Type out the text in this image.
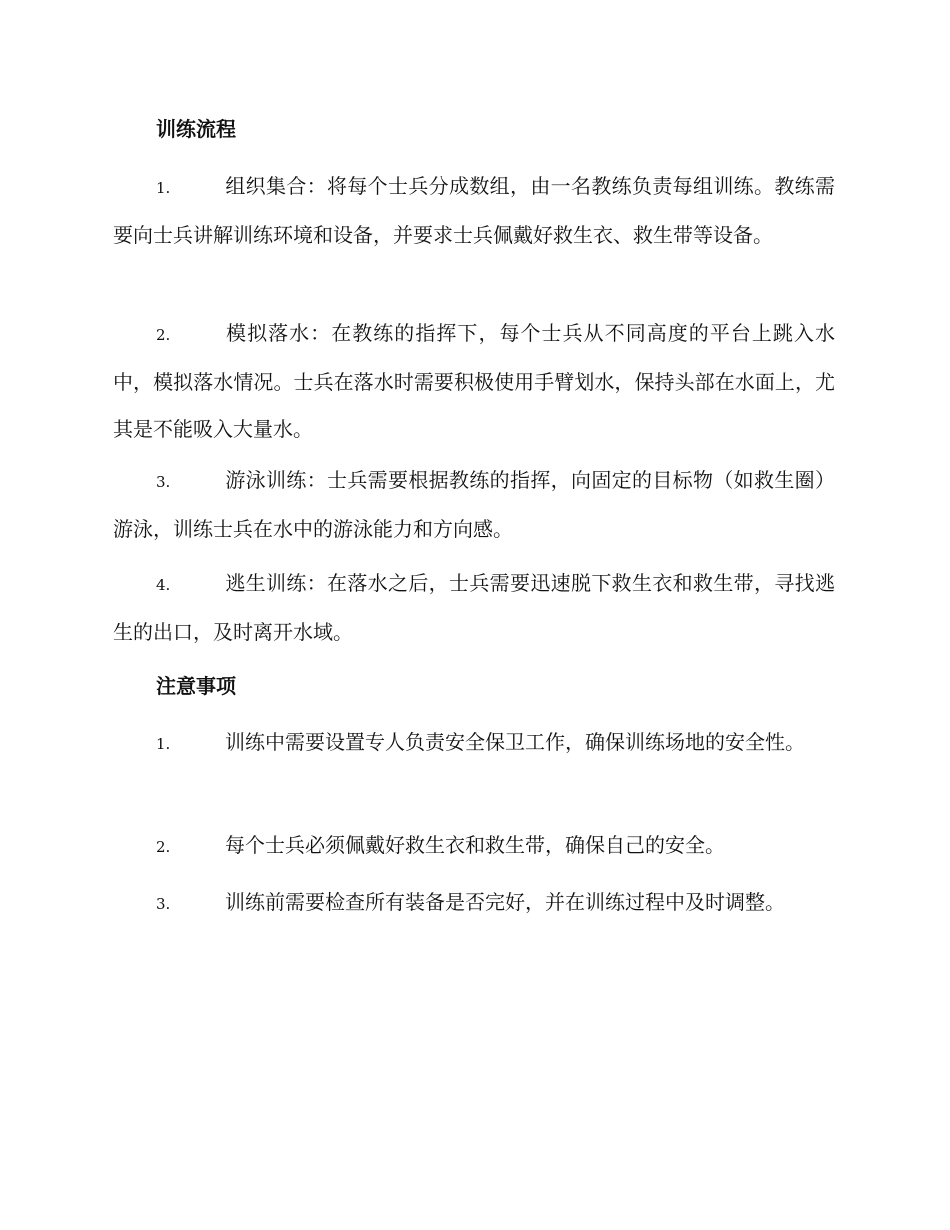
训练流程
1.	组织集合：将每个士兵分成数组，由一名教练负责每组训练。教练需要向士兵讲解训练环境和设备，并要求士兵佩戴好救生衣、救生带等设备。
2.	模拟落水：在教练的指挥下，每个士兵从不同高度的平台上跳入水中，模拟落水情况。士兵在落水时需要积极使用手臂划水，保持头部在水面上，尤其是不能吸入大量水。
3.	游泳训练：士兵需要根据教练的指挥，向固定的目标物（如救生圈）游泳，训练士兵在水中的游泳能力和方向感。
4.	逃生训练：在落水之后，士兵需要迅速脱下救生衣和救生带，寻找逃生的出口，及时离开水域。
注意事项
1.	训练中需要设置专人负责安全保卫工作，确保训练场地的安全性。
2.	每个士兵必须佩戴好救生衣和救生带，确保自己的安全。
3.	训练前需要检查所有装备是否完好，并在训练过程中及时调整。
